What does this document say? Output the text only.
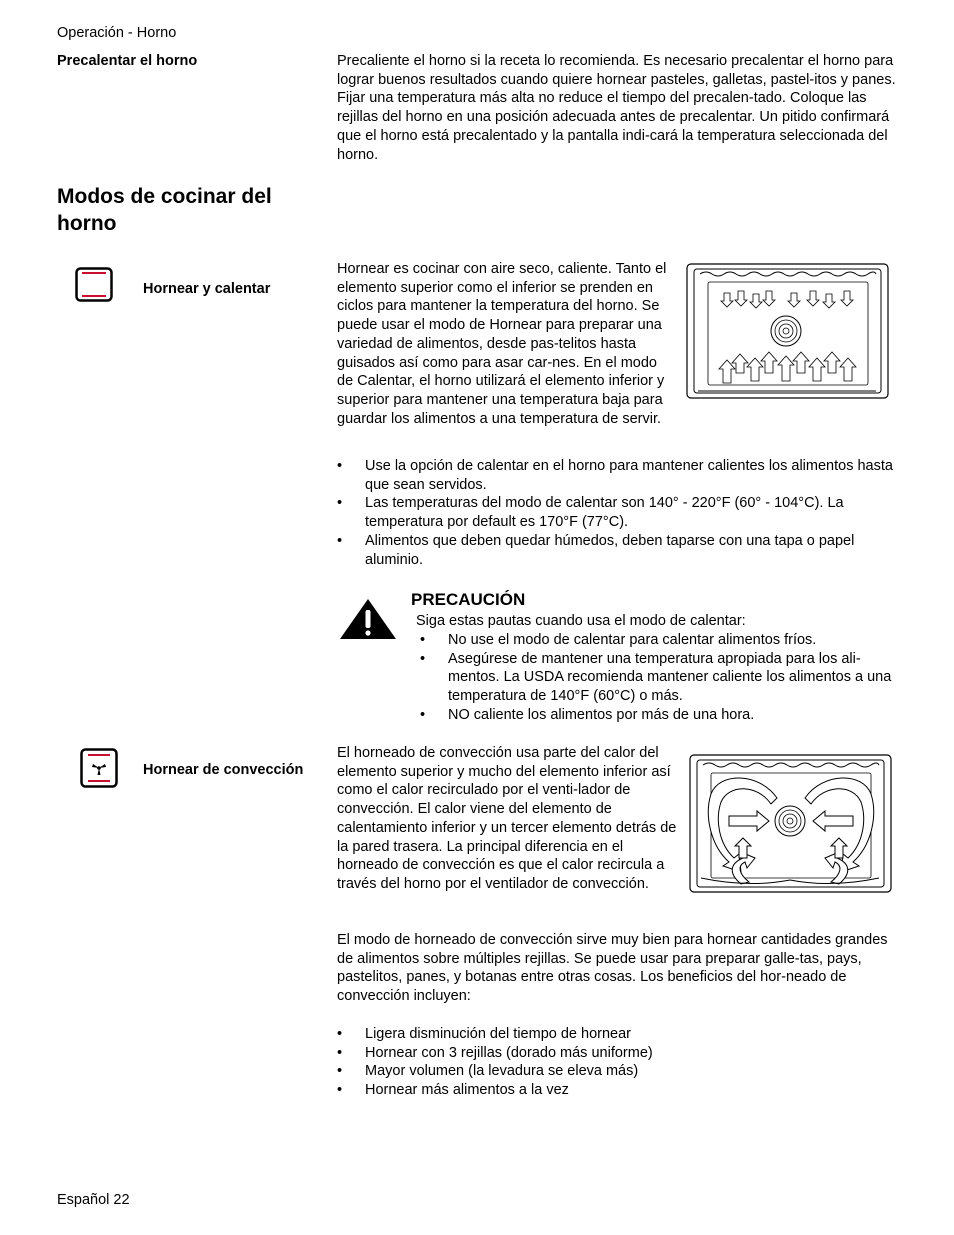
Operación - Horno
Precalentar el horno	Precaliente el horno si la receta lo recomienda. Es necesario precalentar el horno para lograr buenos resultados cuando quiere hornear pasteles, galletas, pastel-itos y panes. Fijar una temperatura más alta no reduce el tiempo del precalen-tado. Coloque las rejillas del horno en una posición adecuada antes de precalentar. Un pitido confirmará que el horno está precalentado y la pantalla indi-cará la temperatura seleccionada del horno.

Modos de cocinar del
horno
Hornear y calentar

Hornear es cocinar con aire seco, caliente. Tanto el elemento superior como el inferior se prenden en ciclos para mantener la temperatura del horno. Se puede usar el modo de Hornear para preparar una variedad de alimentos, desde pas-telitos hasta guisados así como para asar car-nes. En el modo de Calentar, el horno utilizará el elemento inferior y superior para mantener una temperatura baja para guardar los alimentos a una temperatura de servir.

• Use la opción de calentar en el horno para mantener calientes los alimentos hasta que sean servidos.
• Las temperaturas del modo de calentar son 140° - 220°F (60° - 104°C). La temperatura por default es 170°F (77°C).
• Alimentos que deben quedar húmedos, deben taparse con una tapa o papel aluminio.
PRECAUCIÓN
Siga estas pautas cuando usa el modo de calentar:
• No use el modo de calentar para calentar alimentos fríos.
• Asegúrese de mantener una temperatura apropiada para los ali-mentos. La USDA recomienda mantener caliente los alimentos a una temperatura de 140°F (60°C) o más.
• NO caliente los alimentos por más de una hora.
Hornear de convección

El horneado de convección usa parte del calor del elemento superior y mucho del elemento inferior así como el calor recirculado por el venti-lador de convección. El calor viene del elemento de calentamiento inferior y un tercer elemento detrás de la pared trasera. La principal diferencia en el horneado de convección es que el calor recircula a través del horno por el ventilador de convección.

El modo de horneado de convección sirve muy bien para hornear cantidades grandes de alimentos sobre múltiples rejillas. Se puede usar para preparar galle-tas, pays, pastelitos, panes, y botanas entre otras cosas. Los beneficios del hor-neado de convección incluyen:

• Ligera disminución del tiempo de hornear
• Hornear con 3 rejillas (dorado más uniforme)
• Mayor volumen (la levadura se eleva más)
• Hornear más alimentos a la vez
Español 22
